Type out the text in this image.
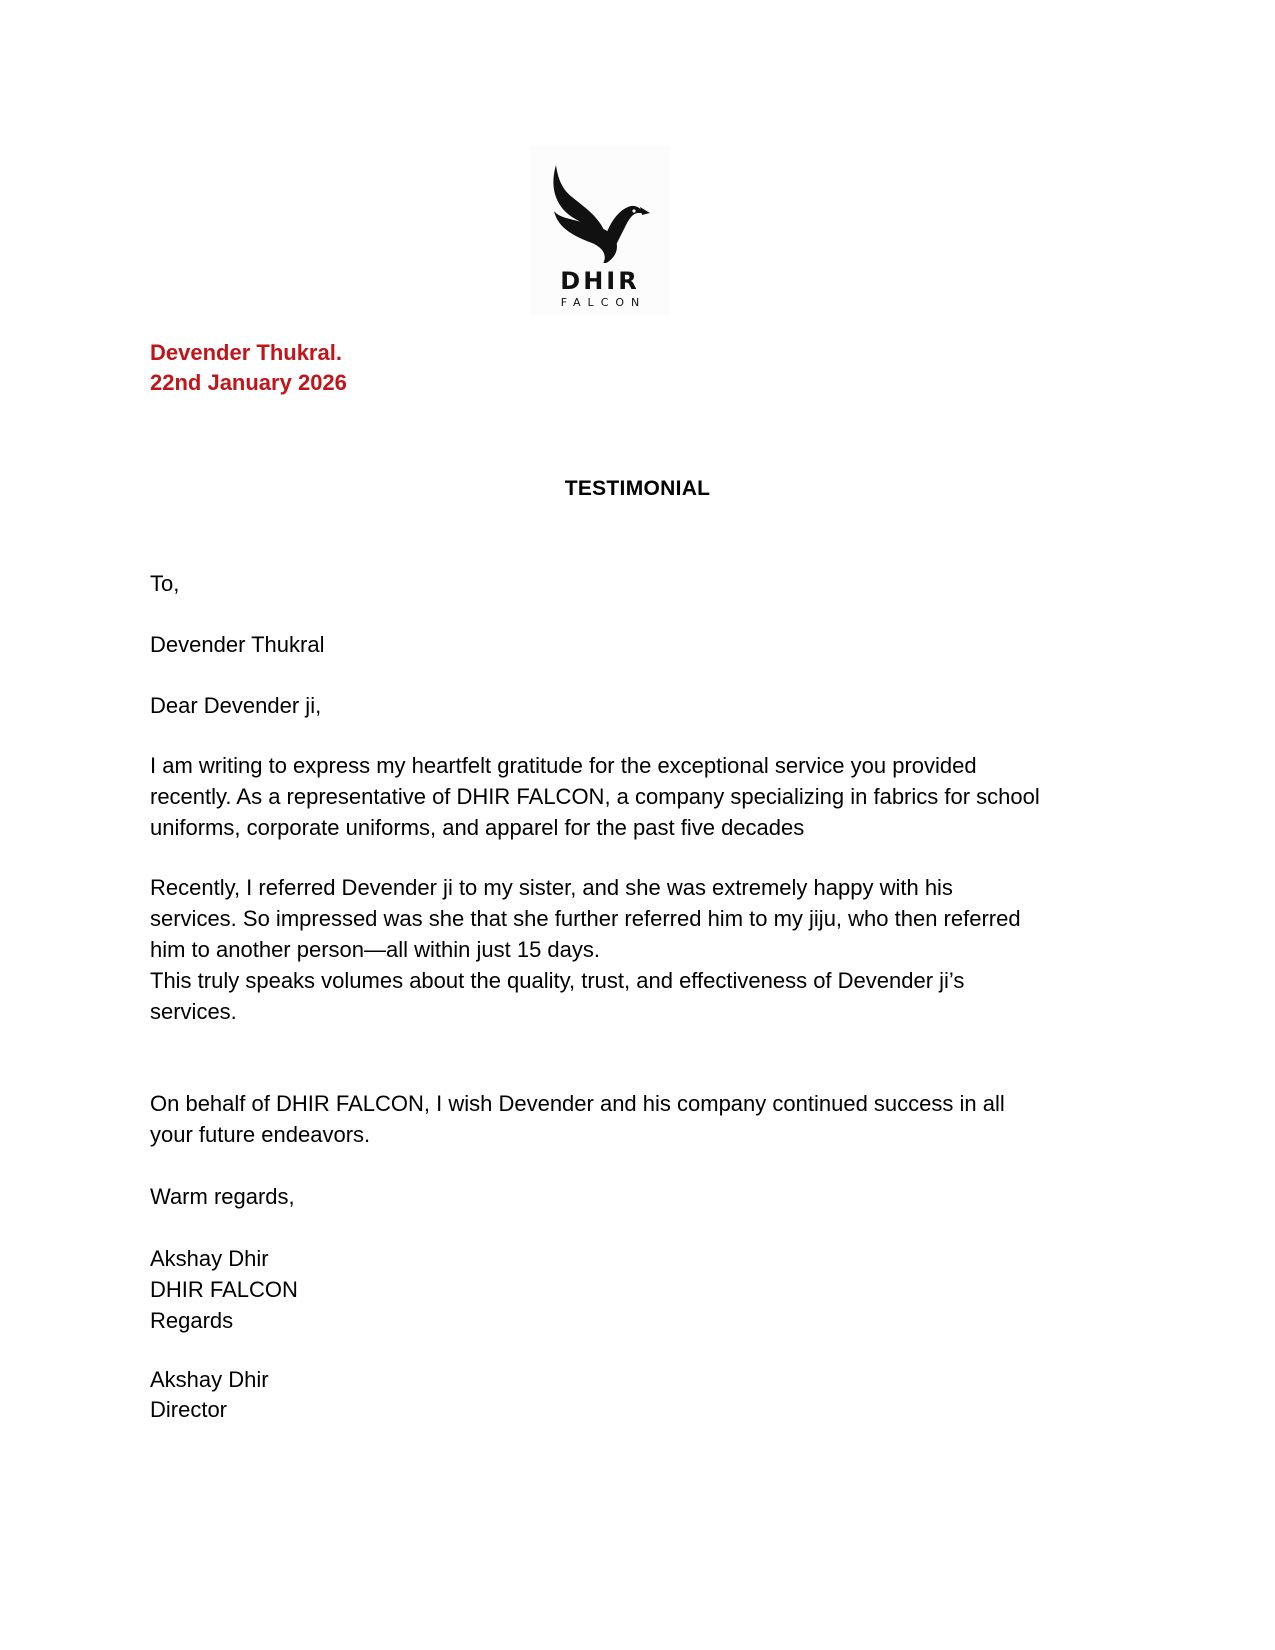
DHIR
FALCON
Devender Thukral.
22nd January 2026
TESTIMONIAL
To,
Devender Thukral
Dear Devender ji,
I am writing to express my heartfelt gratitude for the exceptional service you provided
recently. As a representative of DHIR FALCON, a company specializing in fabrics for school
uniforms, corporate uniforms, and apparel for the past five decades
Recently, I referred Devender ji to my sister, and she was extremely happy with his
services. So impressed was she that she further referred him to my jiju, who then referred
him to another person—all within just 15 days.
This truly speaks volumes about the quality, trust, and effectiveness of Devender ji’s
services.
On behalf of DHIR FALCON, I wish Devender and his company continued success in all
your future endeavors.
Warm regards,
Akshay Dhir
DHIR FALCON
Regards
Akshay Dhir
Director
